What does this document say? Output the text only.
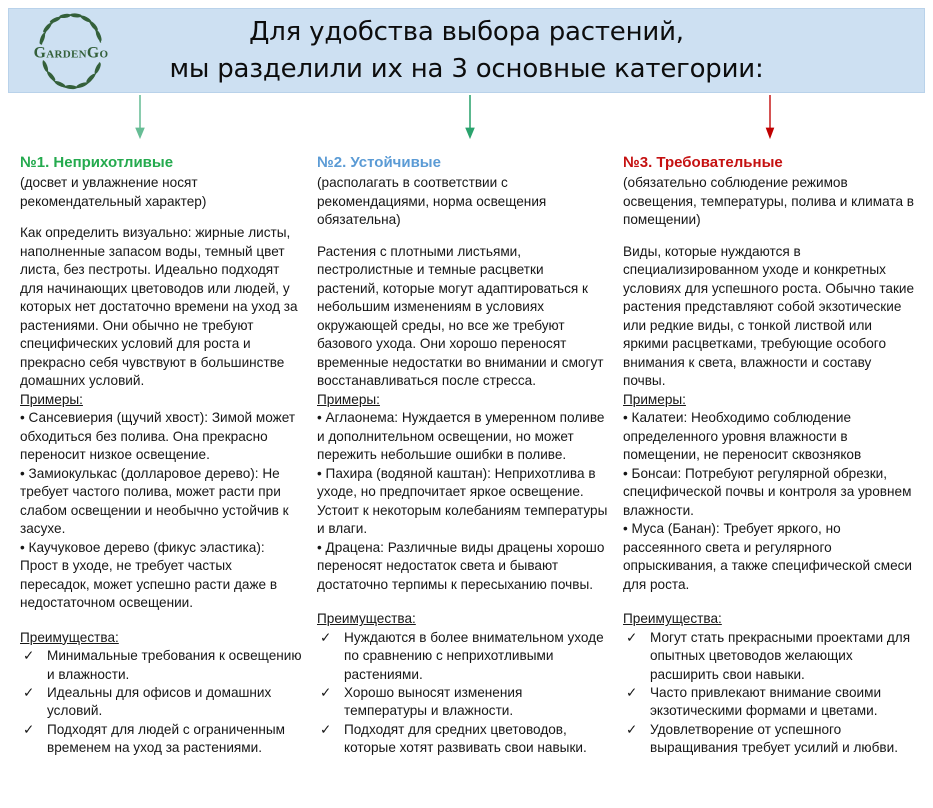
GardenGo
Для удобства выбора растений,
мы разделили их на 3 основные категории:
№1. Неприхотливые

(досвет и увлажнение носят рекомендательный характер)

Как определить визуально: жирные листы, наполненные запасом воды, темный цвет листа, без пестроты. Идеально подходят для начинающих цветоводов или людей, у которых нет достаточно времени на уход за растениями. Они обычно не требуют специфических условий для роста и прекрасно себя чувствуют в большинстве домашних условий.

Примеры:

• Сансевиерия (щучий хвост): Зимой может обходиться без полива. Она прекрасно переносит низкое освещение.
• Замиокулькас (долларовое дерево): Не требует частого полива, может расти при слабом освещении и необычно устойчив к засухе.
• Каучуковое дерево (фикус эластика): Прост в уходе, не требует частых пересадок, может успешно расти даже в недостаточном освещении.

Преимущества:

✓ Минимальные требования к освещению и влажности.
✓ Идеальны для офисов и домашних условий.
✓ Подходят для людей с ограниченным временем на уход за растениями.
№2. Устойчивые

(располагать в соответствии с рекомендациями, норма освещения обязательна)

Растения с плотными листьями, пестролистные и темные расцветки растений, которые могут адаптироваться к небольшим изменениям в условиях окружающей среды, но все же требуют базового ухода. Они хорошо переносят временные недостатки во внимании и смогут восстанавливаться после стресса.

Примеры:

• Аглаонема: Нуждается в умеренном поливе и дополнительном освещении, но может пережить небольшие ошибки в поливе.
• Пахира (водяной каштан): Неприхотлива в уходе, но предпочитает яркое освещение. Устоит к некоторым колебаниям температуры и влаги.
• Драцена: Различные виды драцены хорошо переносят недостаток света и бывают достаточно терпимы к пересыханию почвы.

Преимущества:

✓ Нуждаются в более внимательном уходе по сравнению с неприхотливыми растениями.
✓ Хорошо выносят изменения температуры и влажности.
✓ Подходят для средних цветоводов, которые хотят развивать свои навыки.
№3. Требовательные

(обязательно соблюдение режимов освещения, температуры, полива и климата в помещении)

Виды, которые нуждаются в специализированном уходе и конкретных условиях для успешного роста. Обычно такие растения представляют собой экзотические или редкие виды, с тонкой листвой или яркими расцветками, требующие особого внимания к света, влажности и составу почвы.

Примеры:

• Калатеи: Необходимо соблюдение определенного уровня влажности в помещении, не переносит сквозняков
• Бонсаи: Потребуют регулярной обрезки, специфической почвы и контроля за уровнем влажности.
• Муса (Банан): Требует яркого, но рассеянного света и регулярного опрыскивания, а также специфической смеси для роста.

Преимущества:

✓ Могут стать прекрасными проектами для опытных цветоводов желающих расширить свои навыки.
✓ Часто привлекают внимание своими экзотическими формами и цветами.
✓ Удовлетворение от успешного выращивания требует усилий и любви.
